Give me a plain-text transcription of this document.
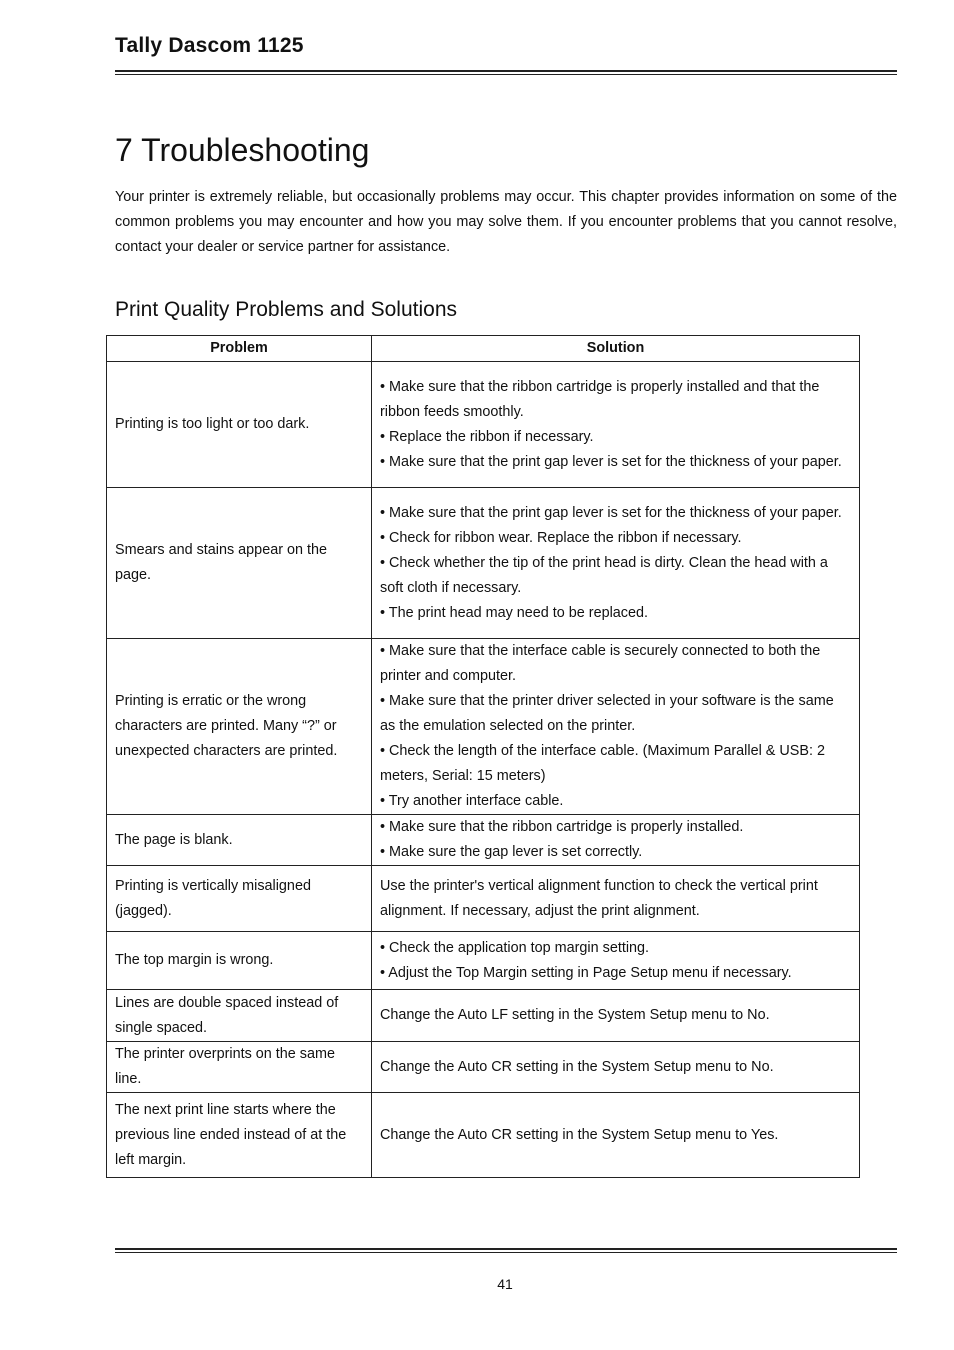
Tally Dascom 1125
7 Troubleshooting

Your printer is extremely reliable, but occasionally problems may occur. This chapter provides information on some of the common problems you may encounter and how you may solve them. If you encounter problems that you cannot resolve, contact your dealer or service partner for assistance.

Print Quality Problems and Solutions
Problem	Solution
Printing is too light or too dark.	• Make sure that the ribbon cartridge is properly installed and that the ribbon feeds smoothly.
• Replace the ribbon if necessary.
• Make sure that the print gap lever is set for the thickness of your paper.

Smears and stains appear on the page.	• Make sure that the print gap lever is set for the thickness of your paper.
• Check for ribbon wear. Replace the ribbon if necessary.
• Check whether the tip of the print head is dirty. Clean the head with a soft cloth if necessary.
• The print head may need to be replaced.

Printing is erratic or the wrong characters are printed. Many “?” or unexpected characters are printed.	• Make sure that the interface cable is securely connected to both the printer and computer.
• Make sure that the printer driver selected in your software is the same as the emulation selected on the printer.
• Check the length of the interface cable. (Maximum Parallel & USB: 2 meters, Serial: 15 meters)
• Try another interface cable.

The page is blank.	• Make sure that the ribbon cartridge is properly installed.
• Make sure the gap lever is set correctly.

Printing is vertically misaligned (jagged).	Use the printer's vertical alignment function to check the vertical print alignment. If necessary, adjust the print alignment.
The top margin is wrong.	• Check the application top margin setting.
• Adjust the Top Margin setting in Page Setup menu if necessary.

Lines are double spaced instead of single spaced.	Change the Auto LF setting in the System Setup menu to No.
The printer overprints on the same line.	Change the Auto CR setting in the System Setup menu to No.
The next print line starts where the previous line ended instead of at the left margin.	Change the Auto CR setting in the System Setup menu to Yes.
41
